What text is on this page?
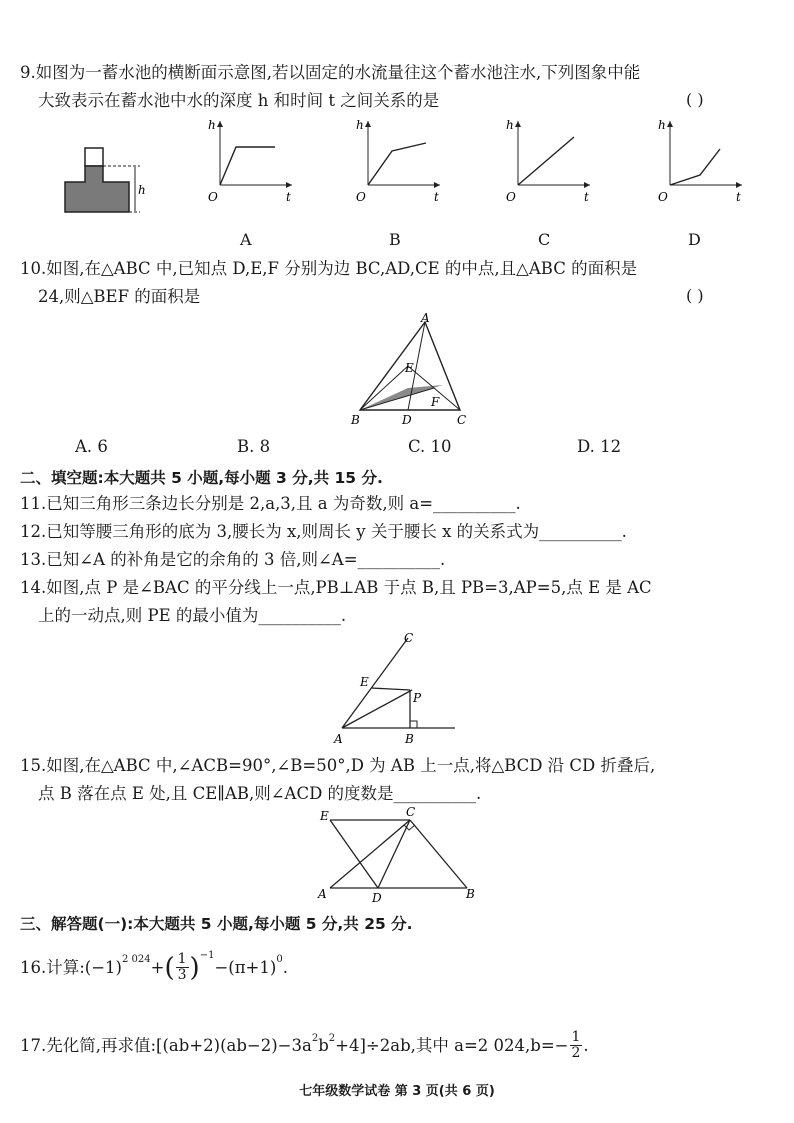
9.如图为一蓄水池的横断面示意图,若以固定的水流量往这个蓄水池注水,下列图象中能
大致表示在蓄水池中水的深度 h 和时间 t 之间关系的是	( )
h
h
t
O
A
h
t
O
B
h
t
O
C
h
t
O
D
10.如图,在△ABC 中,已知点 D,E,F 分别为边 BC,AD,CE 的中点,且△ABC 的面积是
24,则△BEF 的面积是	( )
A
B	C
D
E
F
A. 6	B. 8	C. 10	D. 12
二、填空题:本大题共 5 小题,每小题 3 分,共 15 分.
11.已知三角形三条边长分别是 2,a,3,且 a 为奇数,则 a=__________.
12.已知等腰三角形的底为 3,腰长为 x,则周长 y 关于腰长 x 的关系式为__________.
13.已知∠A 的补角是它的余角的 3 倍,则∠A=__________.
14.如图,点 P 是∠BAC 的平分线上一点,PB⊥AB 于点 B,且 PB=3,AP=5,点 E 是 AC
上的一动点,则 PE 的最小值为__________.
C
E
P
A	B
15.如图,在△ABC 中,∠ACB=90°,∠B=50°,D 为 AB 上一点,将△BCD 沿 CD 折叠后,
点 B 落在点 E 处,且 CE∥AB,则∠ACD 的度数是__________.
E	C
A	D	B
三、解答题(一):本大题共 5 小题,每小题 5 分,共 25 分.
16.计算:(−1) 2 024 + ( $\frac{1}{3}$ ) −1
−(π+1) 0 .
17.先化简,再求值:[(ab+2)(ab−2)−3a 2 b 2 +4]÷2ab,其中 a=2 $024,b=- \frac{1}{2}$ .
七年级数学试卷 第 3 页(共 6 页)
